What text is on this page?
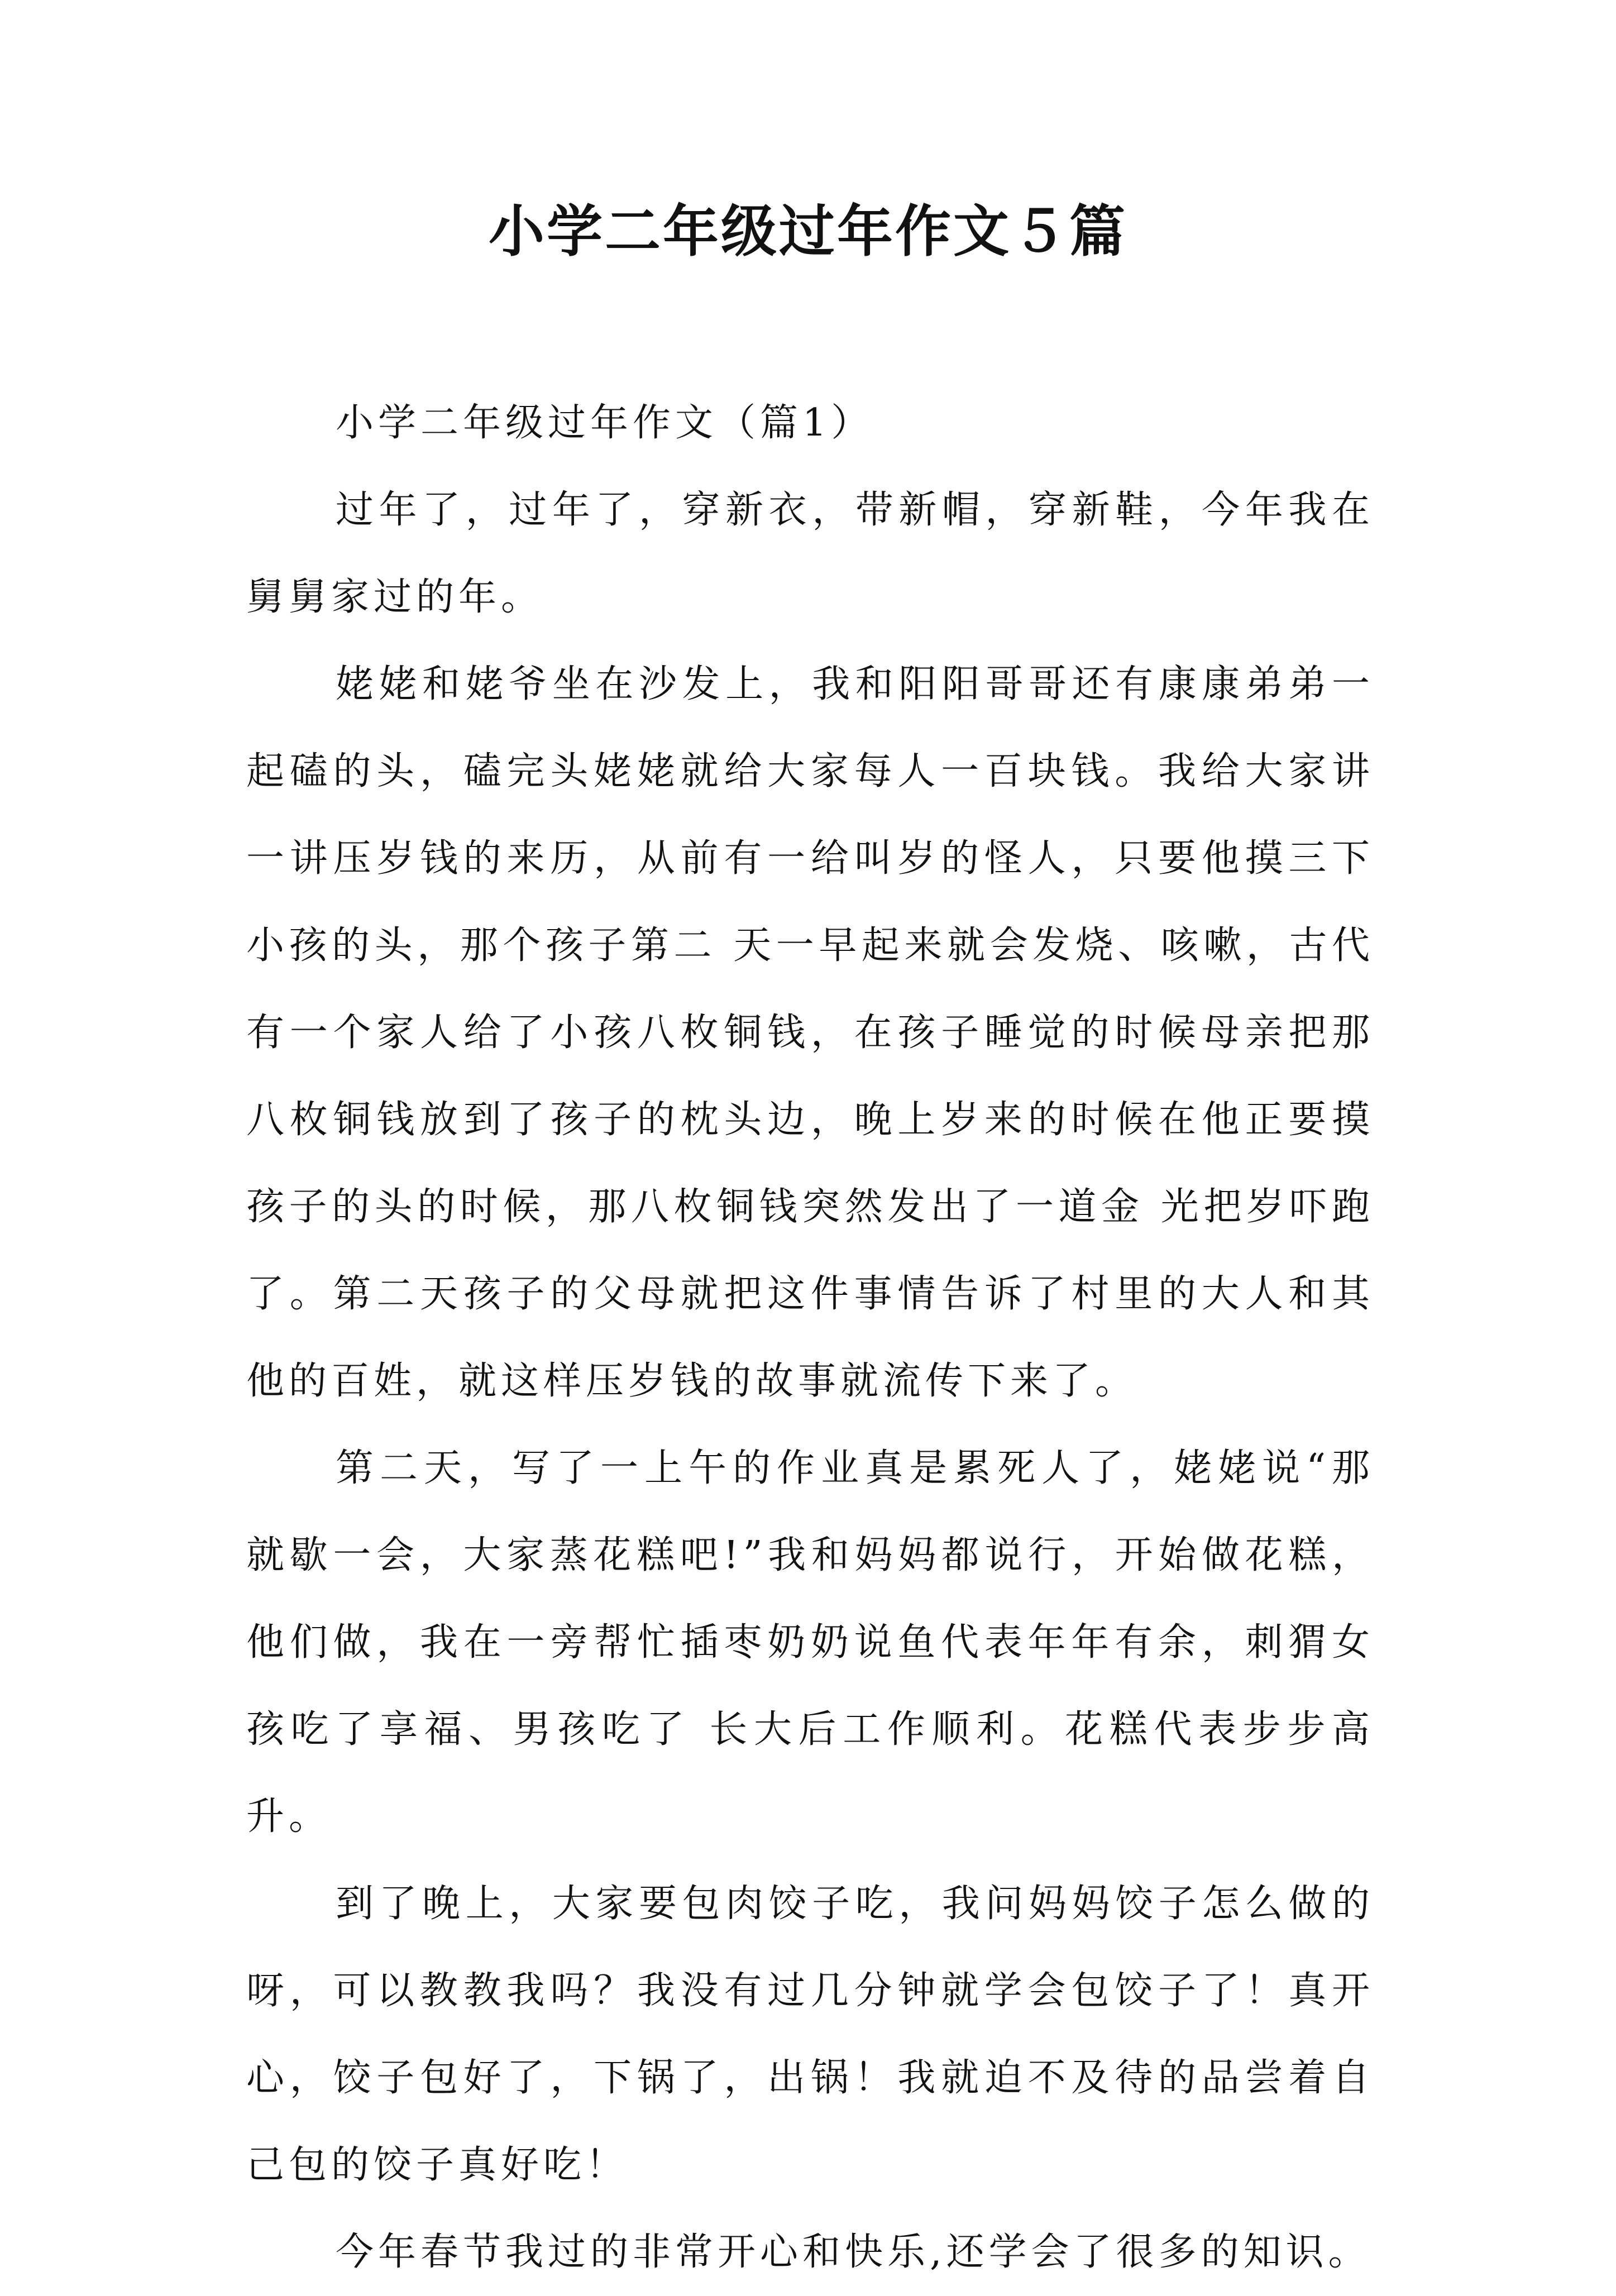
小学二年级过年作文５篇

小学二年级过年作文（篇1）

过年了，过年了，穿新衣，带新帽，穿新鞋，今年我在舅舅家过的年。

姥姥和姥爷坐在沙发上，我和阳阳哥哥还有康康弟弟一起磕的头，磕完头姥姥就给大家每人一百块钱。我给大家讲一讲压岁钱的来历，从前有一给叫岁的怪人，只要他摸三下小孩的头，那个孩子第二 天一早起来就会发烧、咳嗽，古代有一个家人给了小孩八枚铜钱，在孩子睡觉的时候母亲把那八枚铜钱放到了孩子的枕头边，晚上岁来的时候在他正要摸孩子的头的时候，那八枚铜钱突然发出了一道金 光把岁吓跑了。第二天孩子的父母就把这件事情告诉了村里的大人和其他的百姓，就这样压岁钱的故事就流传下来了。

第二天，写了一上午的作业真是累死人了，姥姥说“那就歇一会，大家蒸花糕吧!”我和妈妈都说行，开始做花糕，他们做，我在一旁帮忙插枣奶奶说鱼代表年年有余，刺猬女孩吃了享福、男孩吃了 长大后工作顺利。花糕代表步步高升。

到了晚上，大家要包肉饺子吃，我问妈妈饺子怎么做的呀，可以教教我吗？我没有过几分钟就学会包饺子了！真开心，饺子包好了，下锅了，出锅！我就迫不及待的品尝着自己包的饺子真好吃！

今年春节我过的非常开心和快乐,还学会了很多的知识。
